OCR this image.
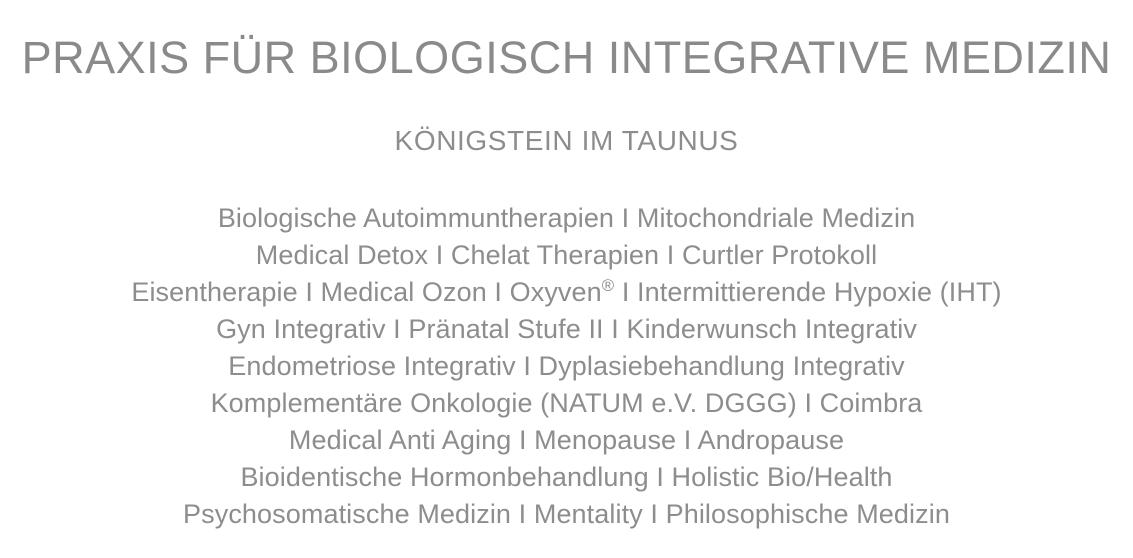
PRAXIS FÜR BIOLOGISCH INTEGRATIVE MEDIZIN
KÖNIGSTEIN IM TAUNUS
Biologische Autoimmuntherapien I Mitochondriale Medizin
Medical Detox I Chelat Therapien I Curtler Protokoll
Eisentherapie I Medical Ozon I Oxyven® I Intermittierende Hypoxie (IHT)
Gyn Integrativ I Pränatal Stufe II I Kinderwunsch Integrativ
Endometriose Integrativ I Dyplasiebehandlung Integrativ
Komplementäre Onkologie (NATUM e.V. DGGG) I Coimbra
Medical Anti Aging I Menopause I Andropause
Bioidentische Hormonbehandlung I Holistic Bio/Health
Psychosomatische Medizin I Mentality I Philosophische Medizin
